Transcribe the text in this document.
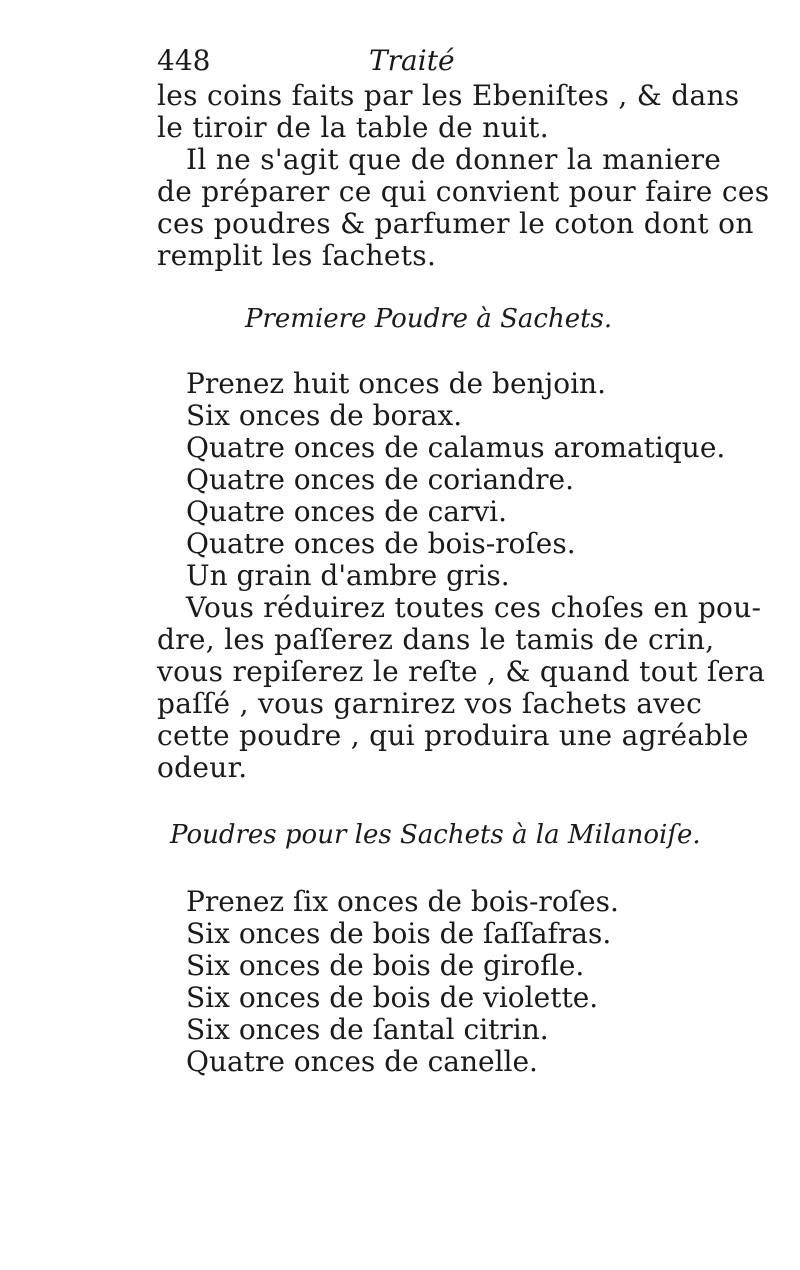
448	Traité
les coins faits par les Ebeniſtes , & dans
le tiroir de la table de nuit.
Il ne s'agit que de donner la maniere
de préparer ce qui convient pour faire ces
ces poudres & parfumer le coton dont on
remplit les ſachets.
Premiere Poudre à Sachets.
Prenez huit onces de benjoin.
Six onces de borax.
Quatre onces de calamus aromatique.
Quatre onces de coriandre.
Quatre onces de carvi.
Quatre onces de bois-roſes.
Un grain d'ambre gris.
Vous réduirez toutes ces choſes en pou-
dre, les paſſerez dans le tamis de crin,
vous repiſerez le reſte , & quand tout ſera
paſſé , vous garnirez vos ſachets avec
cette poudre , qui produira une agréable
odeur.
Poudres pour les Sachets à la Milanoiſe.
Prenez ſix onces de bois-roſes.
Six onces de bois de ſaſſafras.
Six onces de bois de girofle.
Six onces de bois de violette.
Six onces de ſantal citrin.
Quatre onces de canelle.
